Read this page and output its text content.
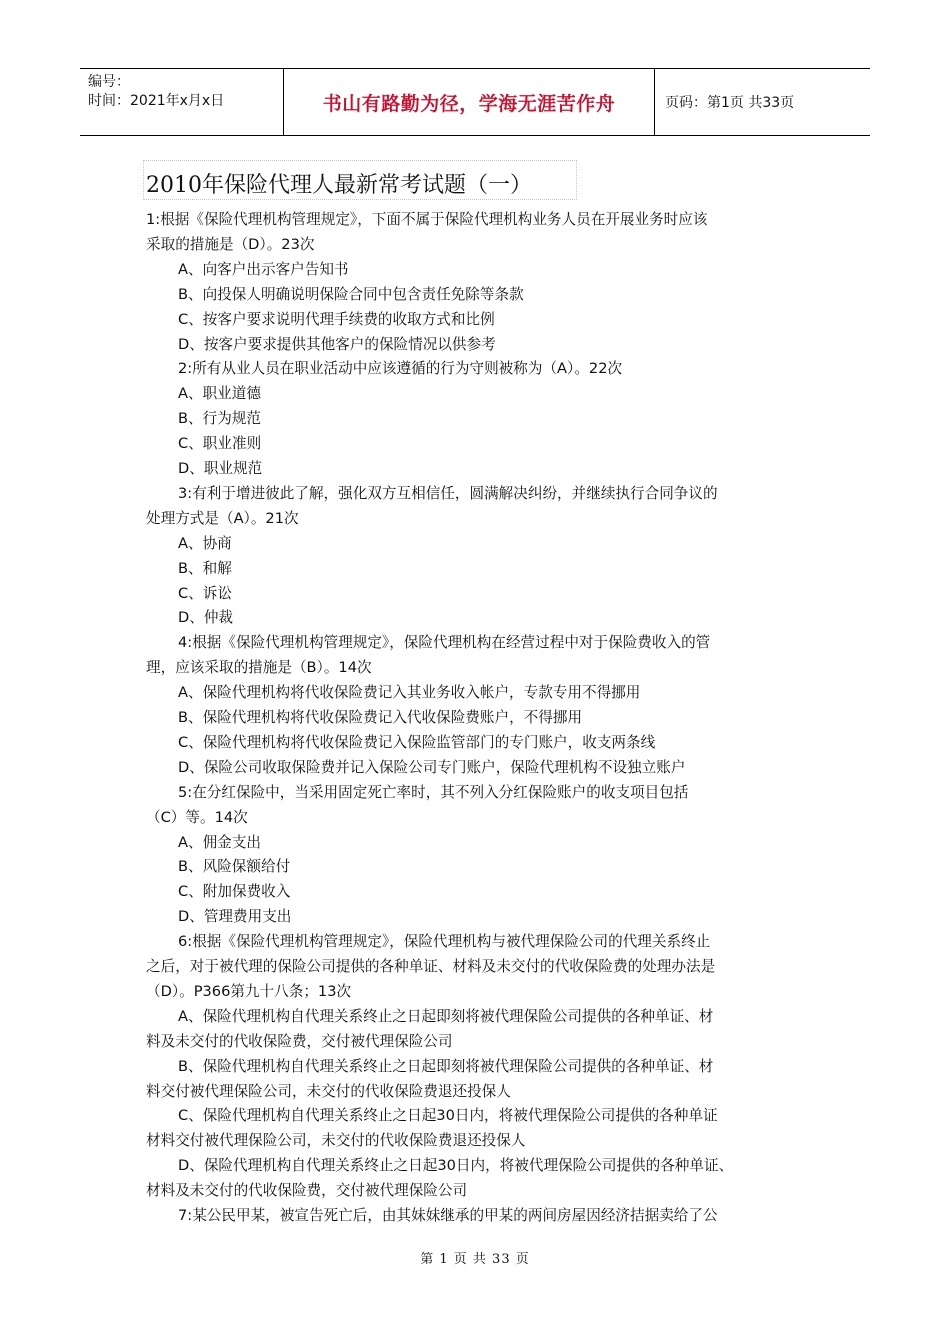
编号：
时间：2021年x月x日	书山有路勤为径，学海无涯苦作舟	页码：第1页 共33页
2010年保险代理人最新常考试题（一）
1:根据《保险代理机构管理规定》，下面不属于保险代理机构业务人员在开展业务时应该
采取的措施是（D）。23次
A、向客户出示客户告知书
B、向投保人明确说明保险合同中包含责任免除等条款
C、按客户要求说明代理手续费的收取方式和比例
D、按客户要求提供其他客户的保险情况以供参考
2:所有从业人员在职业活动中应该遵循的行为守则被称为（A）。22次
A、职业道德
B、行为规范
C、职业准则
D、职业规范
3:有利于增进彼此了解，强化双方互相信任，圆满解决纠纷，并继续执行合同争议的
处理方式是（A）。21次
A、协商
B、和解
C、诉讼
D、仲裁
4:根据《保险代理机构管理规定》，保险代理机构在经营过程中对于保险费收入的管
理，应该采取的措施是（B）。14次
A、保险代理机构将代收保险费记入其业务收入帐户，专款专用不得挪用
B、保险代理机构将代收保险费记入代收保险费账户，不得挪用
C、保险代理机构将代收保险费记入保险监管部门的专门账户，收支两条线
D、保险公司收取保险费并记入保险公司专门账户，保险代理机构不设独立账户
5:在分红保险中，当采用固定死亡率时，其不列入分红保险账户的收支项目包括
（C）等。14次
A、佣金支出
B、风险保额给付
C、附加保费收入
D、管理费用支出
6:根据《保险代理机构管理规定》，保险代理机构与被代理保险公司的代理关系终止
之后，对于被代理的保险公司提供的各种单证、材料及未交付的代收保险费的处理办法是
（D）。P366第九十八条；13次
A、保险代理机构自代理关系终止之日起即刻将被代理保险公司提供的各种单证、材
料及未交付的代收保险费，交付被代理保险公司
B、保险代理机构自代理关系终止之日起即刻将被代理保险公司提供的各种单证、材
料交付被代理保险公司，未交付的代收保险费退还投保人
C、保险代理机构自代理关系终止之日起30日内，将被代理保险公司提供的各种单证
材料交付被代理保险公司，未交付的代收保险费退还投保人
D、保险代理机构自代理关系终止之日起30日内，将被代理保险公司提供的各种单证、
材料及未交付的代收保险费，交付被代理保险公司
7:某公民甲某，被宣告死亡后，由其妹妹继承的甲某的两间房屋因经济拮据卖给了公
第 1 页 共 33 页
